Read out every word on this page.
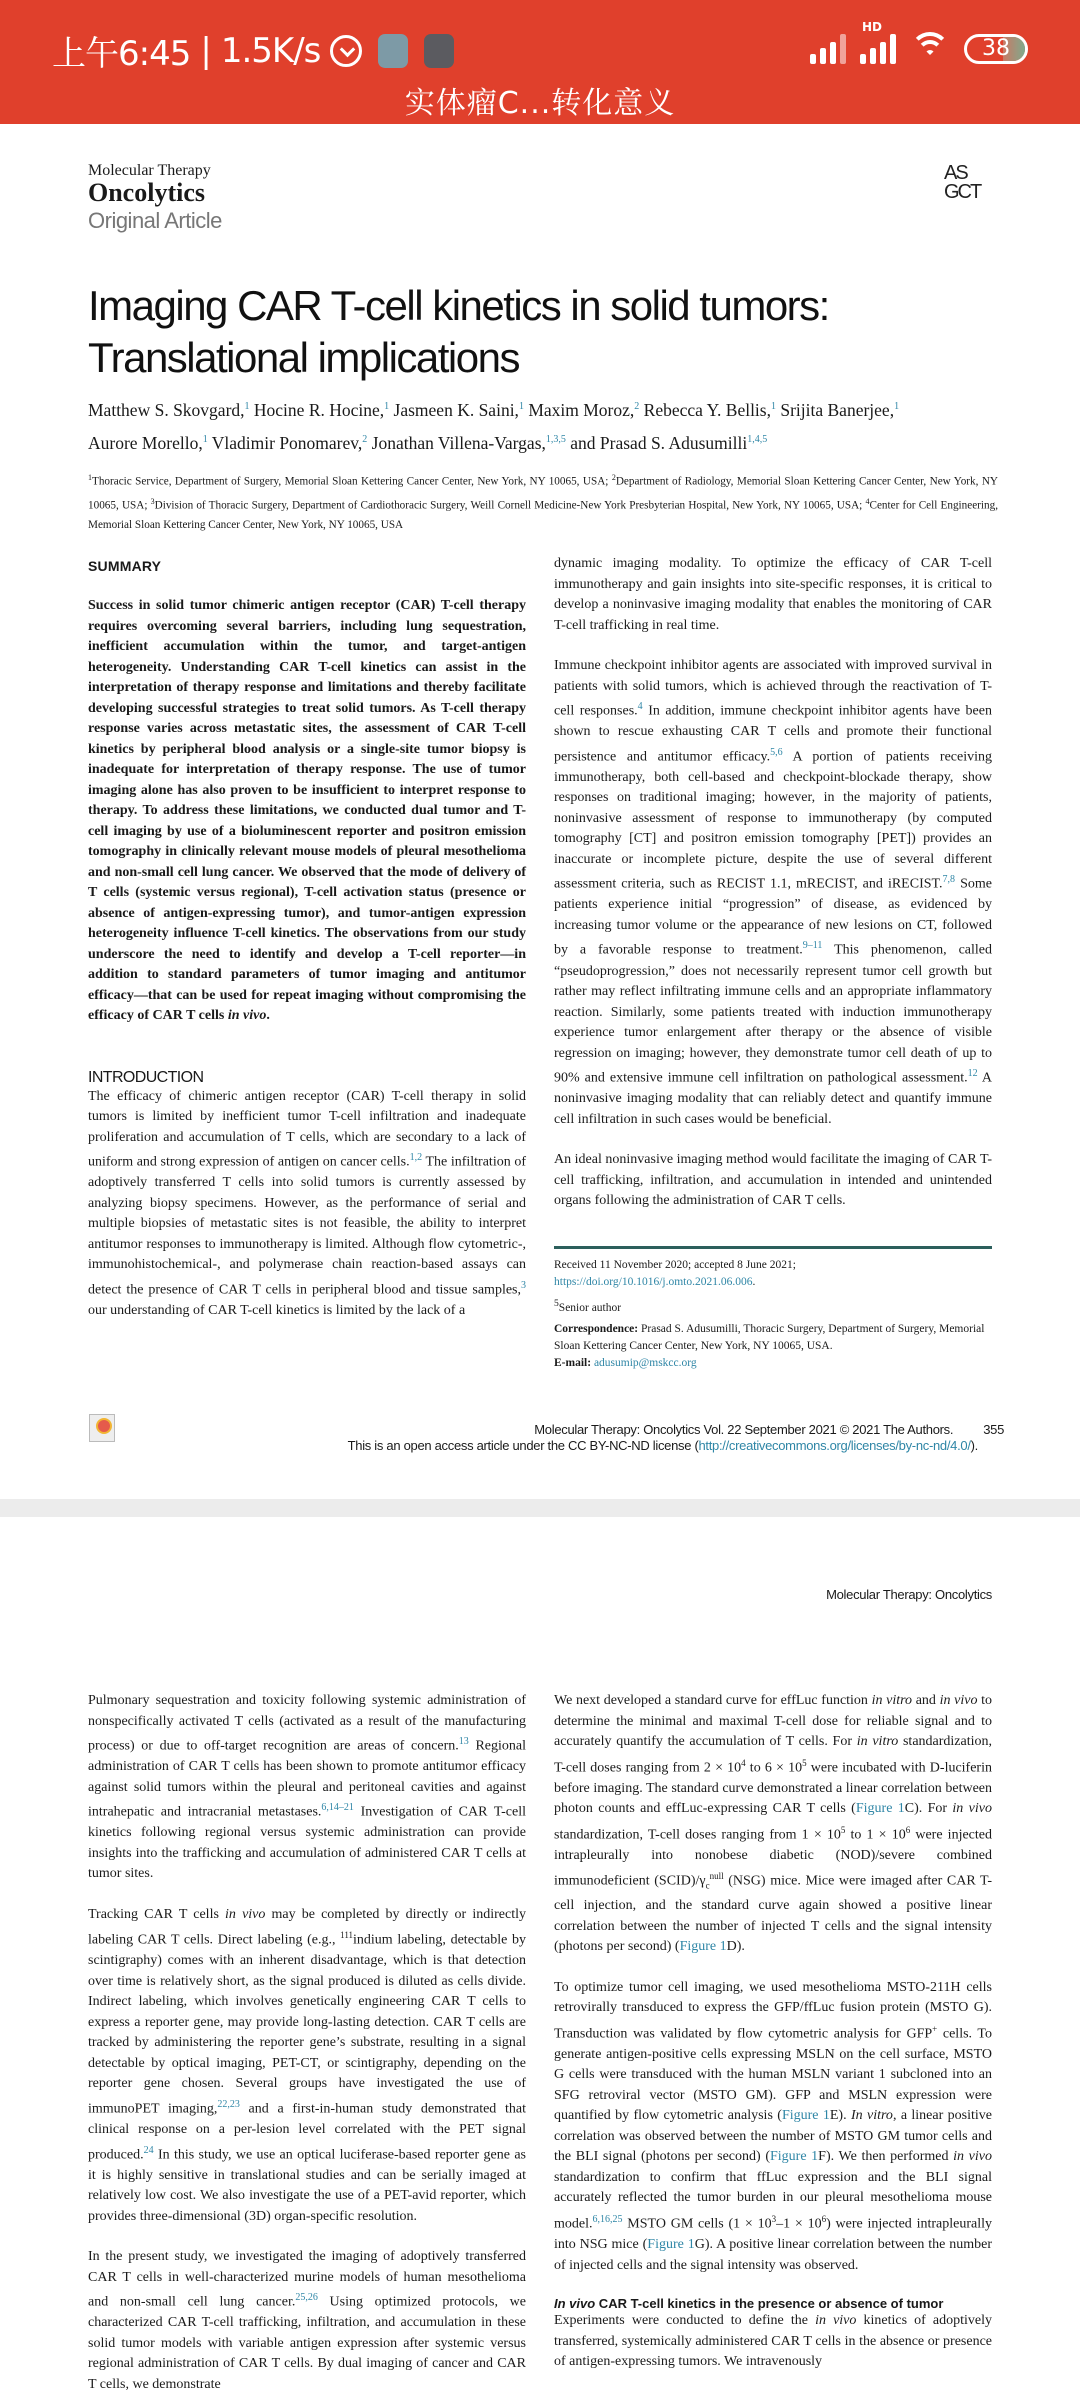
上午6:45 | 1.5K/s
HD
38
实体瘤C...转化意义
Molecular Therapy
Oncolytics
Original Article
AS
GCT
Imaging CAR T-cell kinetics in solid tumors:
Translational implications
Matthew S. Skovgard,$^1$ Hocine R. Hocine,$^1$ Jasmeen K. Saini,$^1$ Maxim Moroz,$^2$ Rebecca Y. Bellis,$^1$ Srijita Banerjee,$^1$
Aurore Morello,$^1$ Vladimir Ponomarev,$^2$ Jonathan Villena-Vargas,$^{1,3,5}$ and Prasad S. Adusumilli$^{1,4,5}$
$^1$Thoracic Service, Department of Surgery, Memorial Sloan Kettering Cancer Center, New York, NY 10065, USA; $^2$Department of Radiology, Memorial Sloan Kettering Cancer Center, New York, NY 10065, USA; $^3$Division of Thoracic Surgery, Department of Cardiothoracic Surgery, Weill Cornell Medicine-New York Presbyterian Hospital, New York, NY 10065, USA; $^4$Center for Cell Engineering, Memorial Sloan Kettering Cancer Center, New York, NY 10065, USA
SUMMARY

Success in solid tumor chimeric antigen receptor (CAR) T-cell therapy requires overcoming several barriers, including lung sequestration, inefficient accumulation within the tumor, and target-antigen heterogeneity. Understanding CAR T-cell kinetics can assist in the interpretation of therapy response and limitations and thereby facilitate developing successful strategies to treat solid tumors. As T-cell therapy response varies across metastatic sites, the assessment of CAR T-cell kinetics by peripheral blood analysis or a single-site tumor biopsy is inadequate for interpretation of therapy response. The use of tumor imaging alone has also proven to be insufficient to interpret response to therapy. To address these limitations, we conducted dual tumor and T-cell imaging by use of a bioluminescent reporter and positron emission tomography in clinically relevant mouse models of pleural mesothelioma and non-small cell lung cancer. We observed that the mode of delivery of T cells (systemic versus regional), T-cell activation status (presence or absence of antigen-expressing tumor), and tumor-antigen expression heterogeneity influence T-cell kinetics. The observations from our study underscore the need to identify and develop a T-cell reporter—in addition to standard parameters of tumor imaging and antitumor efficacy—that can be used for repeat imaging without compromising the efficacy of CAR T cells in vivo.

INTRODUCTION

The efficacy of chimeric antigen receptor (CAR) T-cell therapy in solid tumors is limited by inefficient tumor T-cell infiltration and inadequate proliferation and accumulation of T cells, which are secondary to a lack of uniform and strong expression of antigen on cancer cells.$^{1,2}$ The infiltration of adoptively transferred T cells into solid tumors is currently assessed by analyzing biopsy specimens. However, as the performance of serial and multiple biopsies of metastatic sites is not feasible, the ability to interpret antitumor responses to immunotherapy is limited. Although flow cytometric-, immunohistochemical-, and polymerase chain reaction-based assays can detect the presence of CAR T cells in peripheral blood and tissue samples,$^3$ our understanding of CAR T-cell kinetics is limited by the lack of a

dynamic imaging modality. To optimize the efficacy of CAR T-cell immunotherapy and gain insights into site-specific responses, it is critical to develop a noninvasive imaging modality that enables the monitoring of CAR T-cell trafficking in real time.

Immune checkpoint inhibitor agents are associated with improved survival in patients with solid tumors, which is achieved through the reactivation of T-cell responses.$^4$ In addition, immune checkpoint inhibitor agents have been shown to rescue exhausting CAR T cells and promote their functional persistence and antitumor efficacy.$^{5,6}$ A portion of patients receiving immunotherapy, both cell-based and checkpoint-blockade therapy, show responses on traditional imaging; however, in the majority of patients, noninvasive assessment of response to immunotherapy (by computed tomography [CT] and positron emission tomography [PET]) provides an inaccurate or incomplete picture, despite the use of several different assessment criteria, such as RECIST 1.1, mRECIST, and iRECIST.$^{7,8}$ Some patients experience initial “progression” of disease, as evidenced by increasing tumor volume or the appearance of new lesions on CT, followed by a favorable response to treatment.$^{9-11}$ This phenomenon, called “pseudoprogression,” does not necessarily represent tumor cell growth but rather may reflect infiltrating immune cells and an appropriate inflammatory reaction. Similarly, some patients treated with induction immunotherapy experience tumor enlargement after therapy or the absence of visible regression on imaging; however, they demonstrate tumor cell death of up to 90% and extensive immune cell infiltration on pathological assessment.$^{12}$ A noninvasive imaging modality that can reliably detect and quantify immune cell infiltration in such cases would be beneficial.

An ideal noninvasive imaging method would facilitate the imaging of CAR T-cell trafficking, infiltration, and accumulation in intended and unintended organs following the administration of CAR T cells.

Received 11 November 2020; accepted 8 June 2021;
https://doi.org/10.1016/j.omto.2021.06.006.
$^5$Senior author
Correspondence: Prasad S. Adusumilli, Thoracic Surgery, Department of Surgery, Memorial Sloan Kettering Cancer Center, New York, NY 10065, USA.
E-mail: adusumip@mskcc.org
Molecular Therapy: Oncolytics Vol. 22 September 2021 © 2021 The Authors. 355
This is an open access article under the CC BY-NC-ND license (http://creativecommons.org/licenses/by-nc-nd/4.0/).
Molecular Therapy: Oncolytics

Pulmonary sequestration and toxicity following systemic administration of nonspecifically activated T cells (activated as a result of the manufacturing process) or due to off-target recognition are areas of concern.$^{13}$ Regional administration of CAR T cells has been shown to promote antitumor efficacy against solid tumors within the pleural and peritoneal cavities and against intrahepatic and intracranial metastases.$^{6,14-21}$ Investigation of CAR T-cell kinetics following regional versus systemic administration can provide insights into the trafficking and accumulation of administered CAR T cells at tumor sites.

Tracking CAR T cells in vivo may be completed by directly or indirectly labeling CAR T cells. Direct labeling (e.g., $^{111}$indium labeling, detectable by scintigraphy) comes with an inherent disadvantage, which is that detection over time is relatively short, as the signal produced is diluted as cells divide. Indirect labeling, which involves genetically engineering CAR T cells to express a reporter gene, may provide long-lasting detection. CAR T cells are tracked by administering the reporter gene’s substrate, resulting in a signal detectable by optical imaging, PET-CT, or scintigraphy, depending on the reporter gene chosen. Several groups have investigated the use of immunoPET imaging,$^{22,23}$ and a first-in-human study demonstrated that clinical response on a per-lesion level correlated with the PET signal produced.$^{24}$ In this study, we use an optical luciferase-based reporter gene as it is highly sensitive in translational studies and can be serially imaged at relatively low cost. We also investigate the use of a PET-avid reporter, which provides three-dimensional (3D) organ-specific resolution.

In the present study, we investigated the imaging of adoptively transferred CAR T cells in well-characterized murine models of human mesothelioma and non-small cell lung cancer.$^{25,26}$ Using optimized protocols, we characterized CAR T-cell trafficking, infiltration, and accumulation in these solid tumor models with variable antigen expression after systemic versus regional administration of CAR T cells. By dual imaging of cancer and CAR T cells, we demonstrate

We next developed a standard curve for effLuc function in vitro and in vivo to determine the minimal and maximal T-cell dose for reliable signal and to accurately quantify the accumulation of T cells. For in vitro standardization, T-cell doses ranging from $2 \times 10^4$ to $6 \times 10^5$ were incubated with D-luciferin before imaging. The standard curve demonstrated a linear correlation between photon counts and effLuc-expressing CAR T cells (Figure 1C). For in vivo standardization, T-cell doses ranging from $1 \times 10^5$ to $1 \times 10^6$ were injected intrapleurally into nonobese diabetic (NOD)/severe combined immunodeficient $(SCID)/\gamma_c^{null}$ (NSG) mice. Mice were imaged after CAR T-cell injection, and the standard curve again showed a positive linear correlation between the number of injected T cells and the signal intensity (photons per second) (Figure 1D).

To optimize tumor cell imaging, we used mesothelioma MSTO-211H cells retrovirally transduced to express the GFP/ffLuc fusion protein (MSTO G). Transduction was validated by flow cytometric analysis for GFP+ cells. To generate antigen-positive cells expressing MSLN on the cell surface, MSTO G cells were transduced with the human MSLN variant 1 subcloned into an SFG retroviral vector (MSTO GM). GFP and MSLN expression were quantified by flow cytometric analysis (Figure 1E). In vitro, a linear positive correlation was observed between the number of MSTO GM tumor cells and the BLI signal (photons per second) (Figure 1F). We then performed in vivo standardization to confirm that ffLuc expression and the BLI signal accurately reflected the tumor burden in our pleural mesothelioma mouse model.$^{6,16,25}$ MSTO GM cells $(1 \times 10^3-1 \times 10^6)$ were injected intrapleurally into NSG mice (Figure 1G). A positive linear correlation between the number of injected cells and the signal intensity was observed.

In vivo CAR T-cell kinetics in the presence or absence of tumor

Experiments were conducted to define the in vivo kinetics of adoptively transferred, systemically administered CAR T cells in the absence or presence of antigen-expressing tumors. We intravenously
